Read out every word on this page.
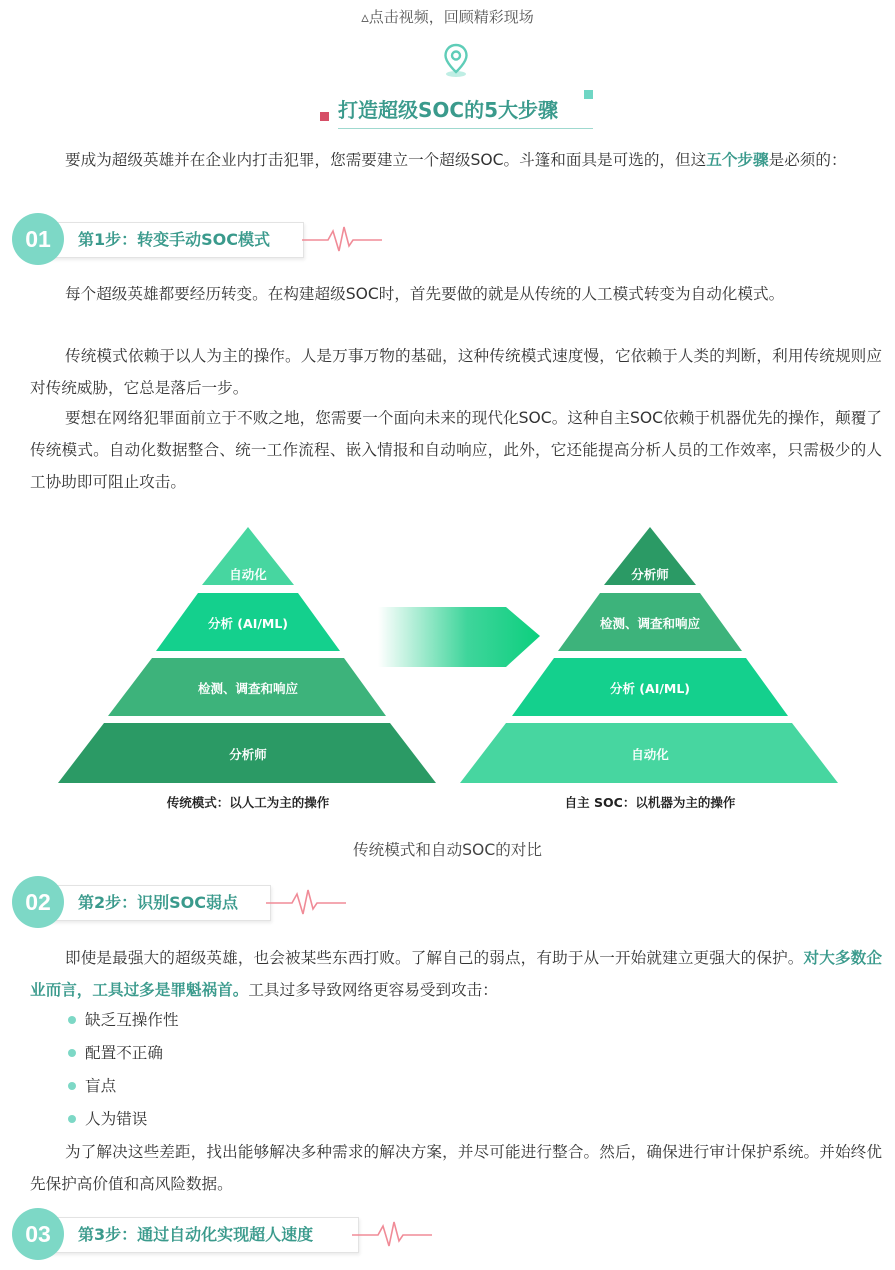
▵点击视频，回顾精彩现场
打造超级SOC的5大步骤

要成为超级英雄并在企业内打击犯罪，您需要建立一个超级SOC。斗篷和面具是可选的，但这五个步骤是必须的：

01	第1步：转变手动SOC模式

每个超级英雄都要经历转变。在构建超级SOC时，首先要做的就是从传统的人工模式转变为自动化模式。

传统模式依赖于以人为主的操作。人是万事万物的基础，这种传统模式速度慢，它依赖于人类的判断，利用传统规则应对传统威胁，它总是落后一步。

要想在网络犯罪面前立于不败之地，您需要一个面向未来的现代化SOC。这种自主SOC依赖于机器优先的操作，颠覆了传统模式。自动化数据整合、统一工作流程、嵌入情报和自动响应，此外，它还能提高分析人员的工作效率，只需极少的人工协助即可阻止攻击。

自动化
分析 (AI/ML)
检测、调查和响应
分析师
传统模式：以人工为主的操作
分析师
检测、调查和响应
分析 (AI/ML)
自动化
自主 SOC：以机器为主的操作
传统模式和自动SOC的对比
02	第2步：识别SOC弱点

即使是最强大的超级英雄，也会被某些东西打败。了解自己的弱点，有助于从一开始就建立更强大的保护。对大多数企业而言，工具过多是罪魁祸首。工具过多导致网络更容易受到攻击：

缺乏互操作性
配置不正确
盲点
人为错误

为了解决这些差距，找出能够解决多种需求的解决方案，并尽可能进行整合。然后，确保进行审计保护系统。并始终优先保护高价值和高风险数据。

03	第3步：通过自动化实现超人速度
